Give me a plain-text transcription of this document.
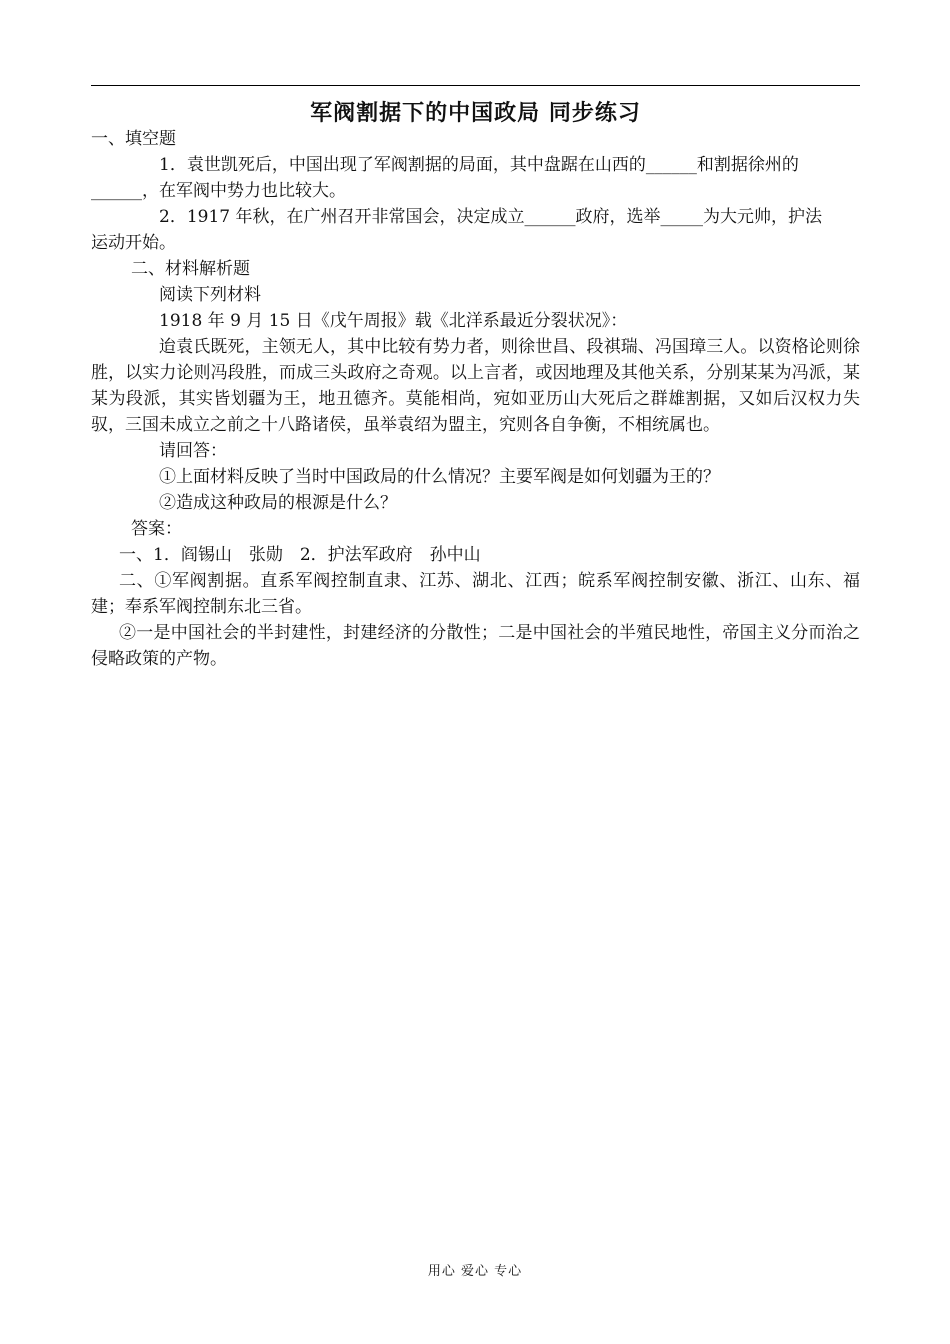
军阀割据下的中国政局 同步练习

一、填空题

1．袁世凯死后，中国出现了军阀割据的局面，其中盘踞在山西的______和割据徐州的

______，在军阀中势力也比较大。

2．1917 年秋，在广州召开非常国会，决定成立______政府，选举_____为大元帅，护法

运动开始。

二、材料解析题

阅读下列材料

1918 年 9 月 15 日《戊午周报》载《北洋系最近分裂状况》：

迨袁氏既死，主领无人，其中比较有势力者，则徐世昌、段祺瑞、冯国璋三人。以资格论则徐胜，以实力论则冯段胜，而成三头政府之奇观。以上言者，或因地理及其他关系，分别某某为冯派，某某为段派，其实皆划疆为王，地丑德齐。莫能相尚，宛如亚历山大死后之群雄割据，又如后汉权力失驭，三国未成立之前之十八路诸侯，虽举袁绍为盟主，究则各自争衡，不相统属也。

请回答：

①上面材料反映了当时中国政局的什么情况？主要军阀是如何划疆为王的？

②造成这种政局的根源是什么？

答案：

一、1．阎锡山　张勋　2．护法军政府　孙中山

二、①军阀割据。直系军阀控制直隶、江苏、湖北、江西；皖系军阀控制安徽、浙江、山东、福建；奉系军阀控制东北三省。

②一是中国社会的半封建性，封建经济的分散性；二是中国社会的半殖民地性，帝国主义分而治之侵略政策的产物。

用心 爱心 专心
